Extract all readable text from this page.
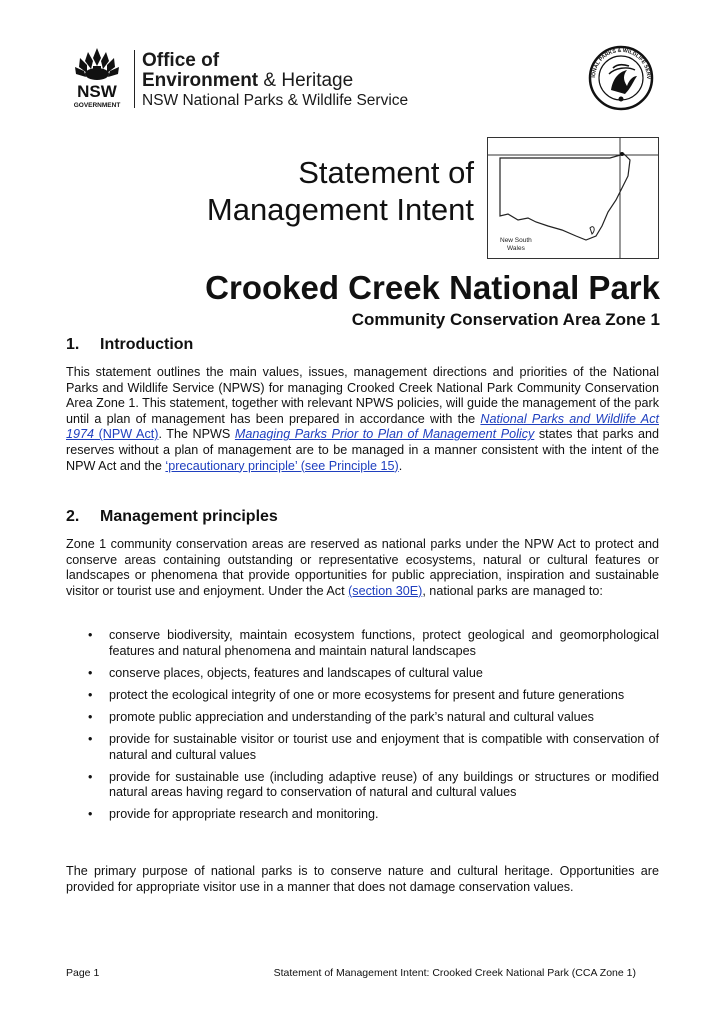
NSW
GOVERNMENT
Office of
Environment & Heritage
NSW National Parks & Wildlife Service
IONAL PARKS & WILDLIFE SERV
Statement of
Management Intent
New South
Wales
Crooked Creek National Park
Community Conservation Area Zone 1
1. Introduction
This statement outlines the main values, issues, management directions and priorities of the National Parks and Wildlife Service (NPWS) for managing Crooked Creek National Park Community Conservation Area Zone 1. This statement, together with relevant NPWS policies, will guide the management of the park until a plan of management has been prepared in accordance with the National Parks and Wildlife Act 1974 (NPW Act). The NPWS Managing Parks Prior to Plan of Management Policy states that parks and reserves without a plan of management are to be managed in a manner consistent with the intent of the NPW Act and the ‘precautionary principle’ (see Principle 15).
2. Management principles
Zone 1 community conservation areas are reserved as national parks under the NPW Act to protect and conserve areas containing outstanding or representative ecosystems, natural or cultural features or landscapes or phenomena that provide opportunities for public appreciation, inspiration and sustainable visitor or tourist use and enjoyment. Under the Act (section 30E), national parks are managed to:
• conserve biodiversity, maintain ecosystem functions, protect geological and geomorphological features and natural phenomena and maintain natural landscapes
• conserve places, objects, features and landscapes of cultural value
• protect the ecological integrity of one or more ecosystems for present and future generations
• promote public appreciation and understanding of the park’s natural and cultural values
• provide for sustainable visitor or tourist use and enjoyment that is compatible with conservation of natural and cultural values
• provide for sustainable use (including adaptive reuse) of any buildings or structures or modified natural areas having regard to conservation of natural and cultural values
• provide for appropriate research and monitoring.
The primary purpose of national parks is to conserve nature and cultural heritage. Opportunities are provided for appropriate visitor use in a manner that does not damage conservation values.
Page 1	Statement of Management Intent: Crooked Creek National Park (CCA Zone 1)
